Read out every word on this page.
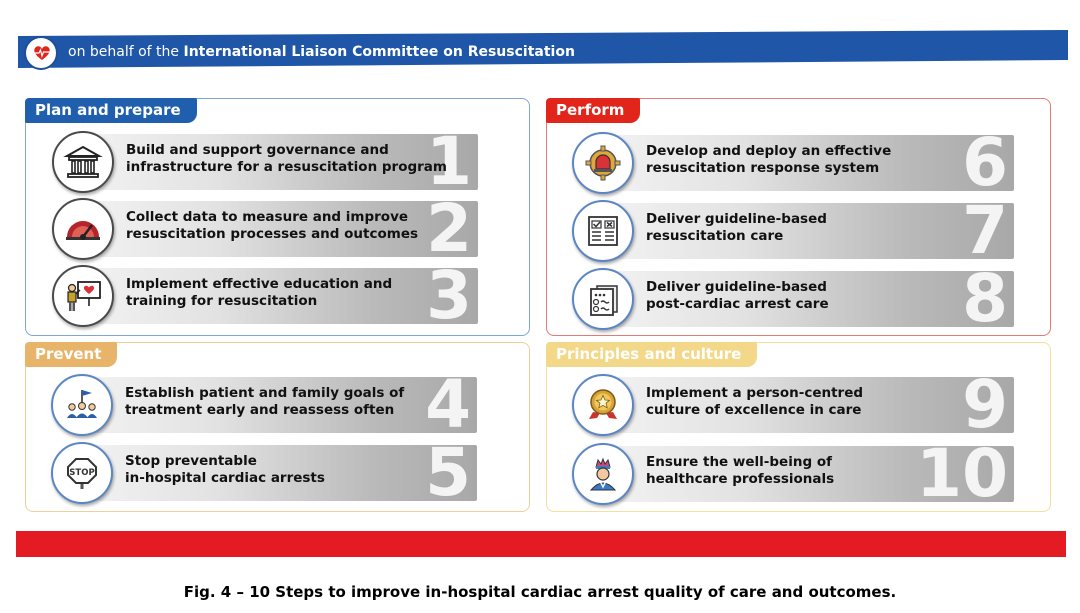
on behalf of the International Liaison Committee on Resuscitation
Plan and prepare	Perform
Prevent	Principles and culture
1
Build and support governance and
infrastructure for a resuscitation program
2
Collect data to measure and improve
resuscitation processes and outcomes
3
Implement effective education and
training for resuscitation
6
Develop and deploy an effective
resuscitation response system
7
Deliver guideline-based
resuscitation care
8
Deliver guideline-based
post-cardiac arrest care
4
Establish patient and family goals of
treatment early and reassess often
5
STOP
Stop preventable
in-hospital cardiac arrests
9
Implement a person-centred
culture of excellence in care
10
Ensure the well-being of
healthcare professionals
Fig. 4 – 10 Steps to improve in-hospital cardiac arrest quality of care and outcomes.
